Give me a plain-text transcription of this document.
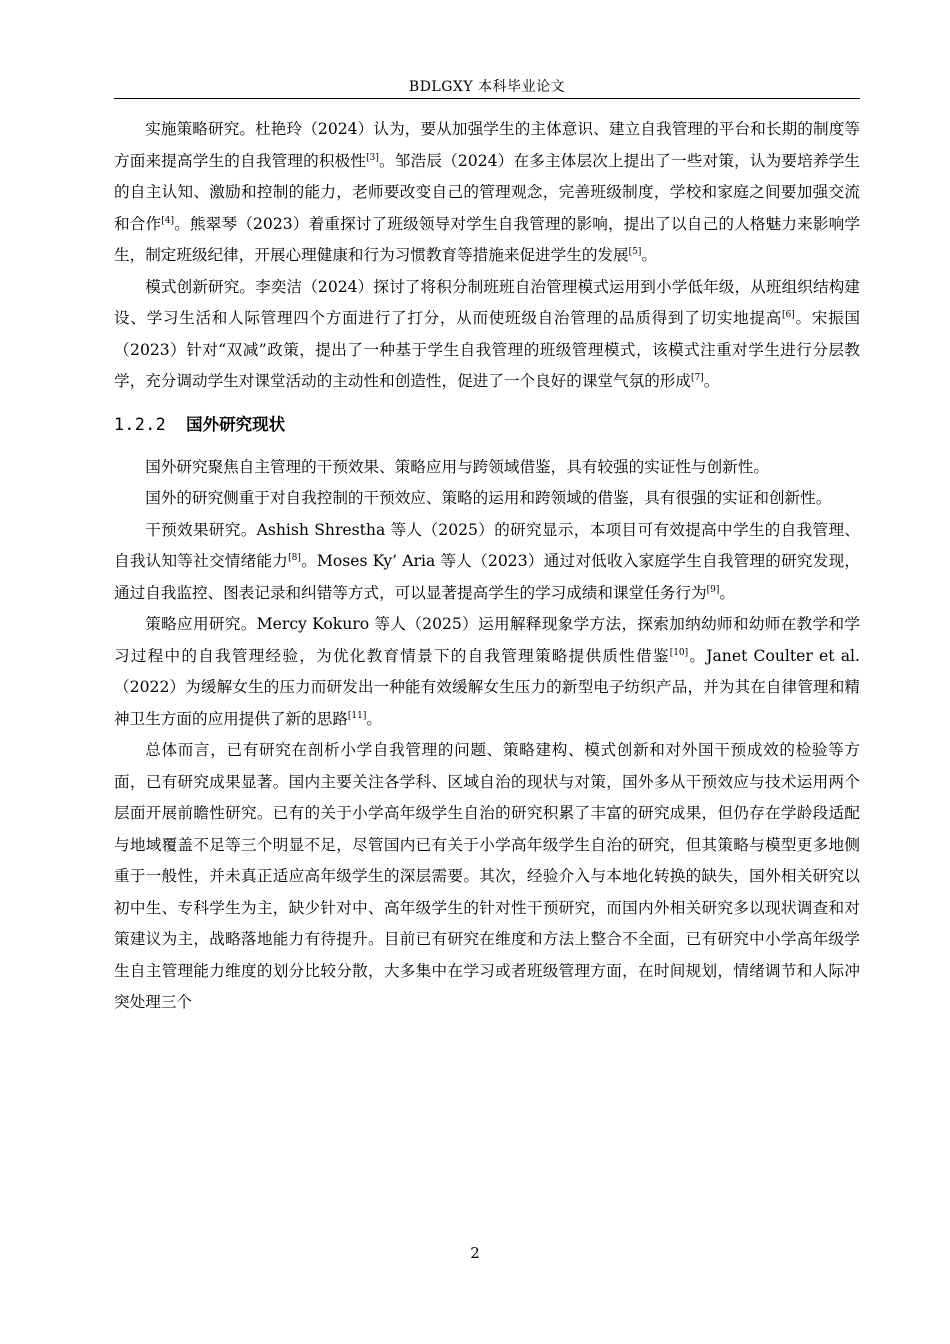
BDLGXY 本科毕业论文

实施策略研究。杜艳玲（2024）认为，要从加强学生的主体意识、建立自我管理的平台和长期的制度等方面来提高学生的自我管理的积极性[3]。邹浩辰（2024）在多主体层次上提出了一些对策，认为要培养学生的自主认知、激励和控制的能力，老师要改变自己的管理观念，完善班级制度，学校和家庭之间要加强交流和合作[4]。熊翠琴（2023）着重探讨了班级领导对学生自我管理的影响，提出了以自己的人格魅力来影响学生，制定班级纪律，开展心理健康和行为习惯教育等措施来促进学生的发展[5]。

模式创新研究。李奕洁（2024）探讨了将积分制班班自治管理模式运用到小学低年级，从班组织结构建设、学习生活和人际管理四个方面进行了打分，从而使班级自治管理的品质得到了切实地提高[6]。宋振国（2023）针对“双减”政策，提出了一种基于学生自我管理的班级管理模式，该模式注重对学生进行分层教学，充分调动学生对课堂活动的主动性和创造性，促进了一个良好的课堂气氛的形成[7]。

1.2.2 国外研究现状

国外研究聚焦自主管理的干预效果、策略应用与跨领域借鉴，具有较强的实证性与创新性。

国外的研究侧重于对自我控制的干预效应、策略的运用和跨领域的借鉴，具有很强的实证和创新性。

干预效果研究。Ashish Shrestha 等人（2025）的研究显示，本项目可有效提高中学生的自我管理、自我认知等社交情绪能力[8]。Moses Ky’ Aria 等人（2023）通过对低收入家庭学生自我管理的研究发现，通过自我监控、图表记录和纠错等方式，可以显著提高学生的学习成绩和课堂任务行为[9]。

策略应用研究。Mercy Kokuro 等人（2025）运用解释现象学方法，探索加纳幼师和幼师在教学和学习过程中的自我管理经验，为优化教育情景下的自我管理策略提供质性借鉴[10]。Janet Coulter et al.（2022）为缓解女生的压力而研发出一种能有效缓解女生压力的新型电子纺织产品，并为其在自律管理和精神卫生方面的应用提供了新的思路[11]。

总体而言，已有研究在剖析小学自我管理的问题、策略建构、模式创新和对外国干预成效的检验等方面，已有研究成果显著。国内主要关注各学科、区域自治的现状与对策，国外多从干预效应与技术运用两个层面开展前瞻性研究。已有的关于小学高年级学生自治的研究积累了丰富的研究成果，但仍存在学龄段适配与地域覆盖不足等三个明显不足，尽管国内已有关于小学高年级学生自治的研究，但其策略与模型更多地侧重于一般性，并未真正适应高年级学生的深层需要。其次，经验介入与本地化转换的缺失，国外相关研究以初中生、专科学生为主，缺少针对中、高年级学生的针对性干预研究，而国内外相关研究多以现状调查和对策建议为主，战略落地能力有待提升。目前已有研究在维度和方法上整合不全面，已有研究中小学高年级学生自主管理能力维度的划分比较分散，大多集中在学习或者班级管理方面，在时间规划，情绪调节和人际冲突处理三个

2
